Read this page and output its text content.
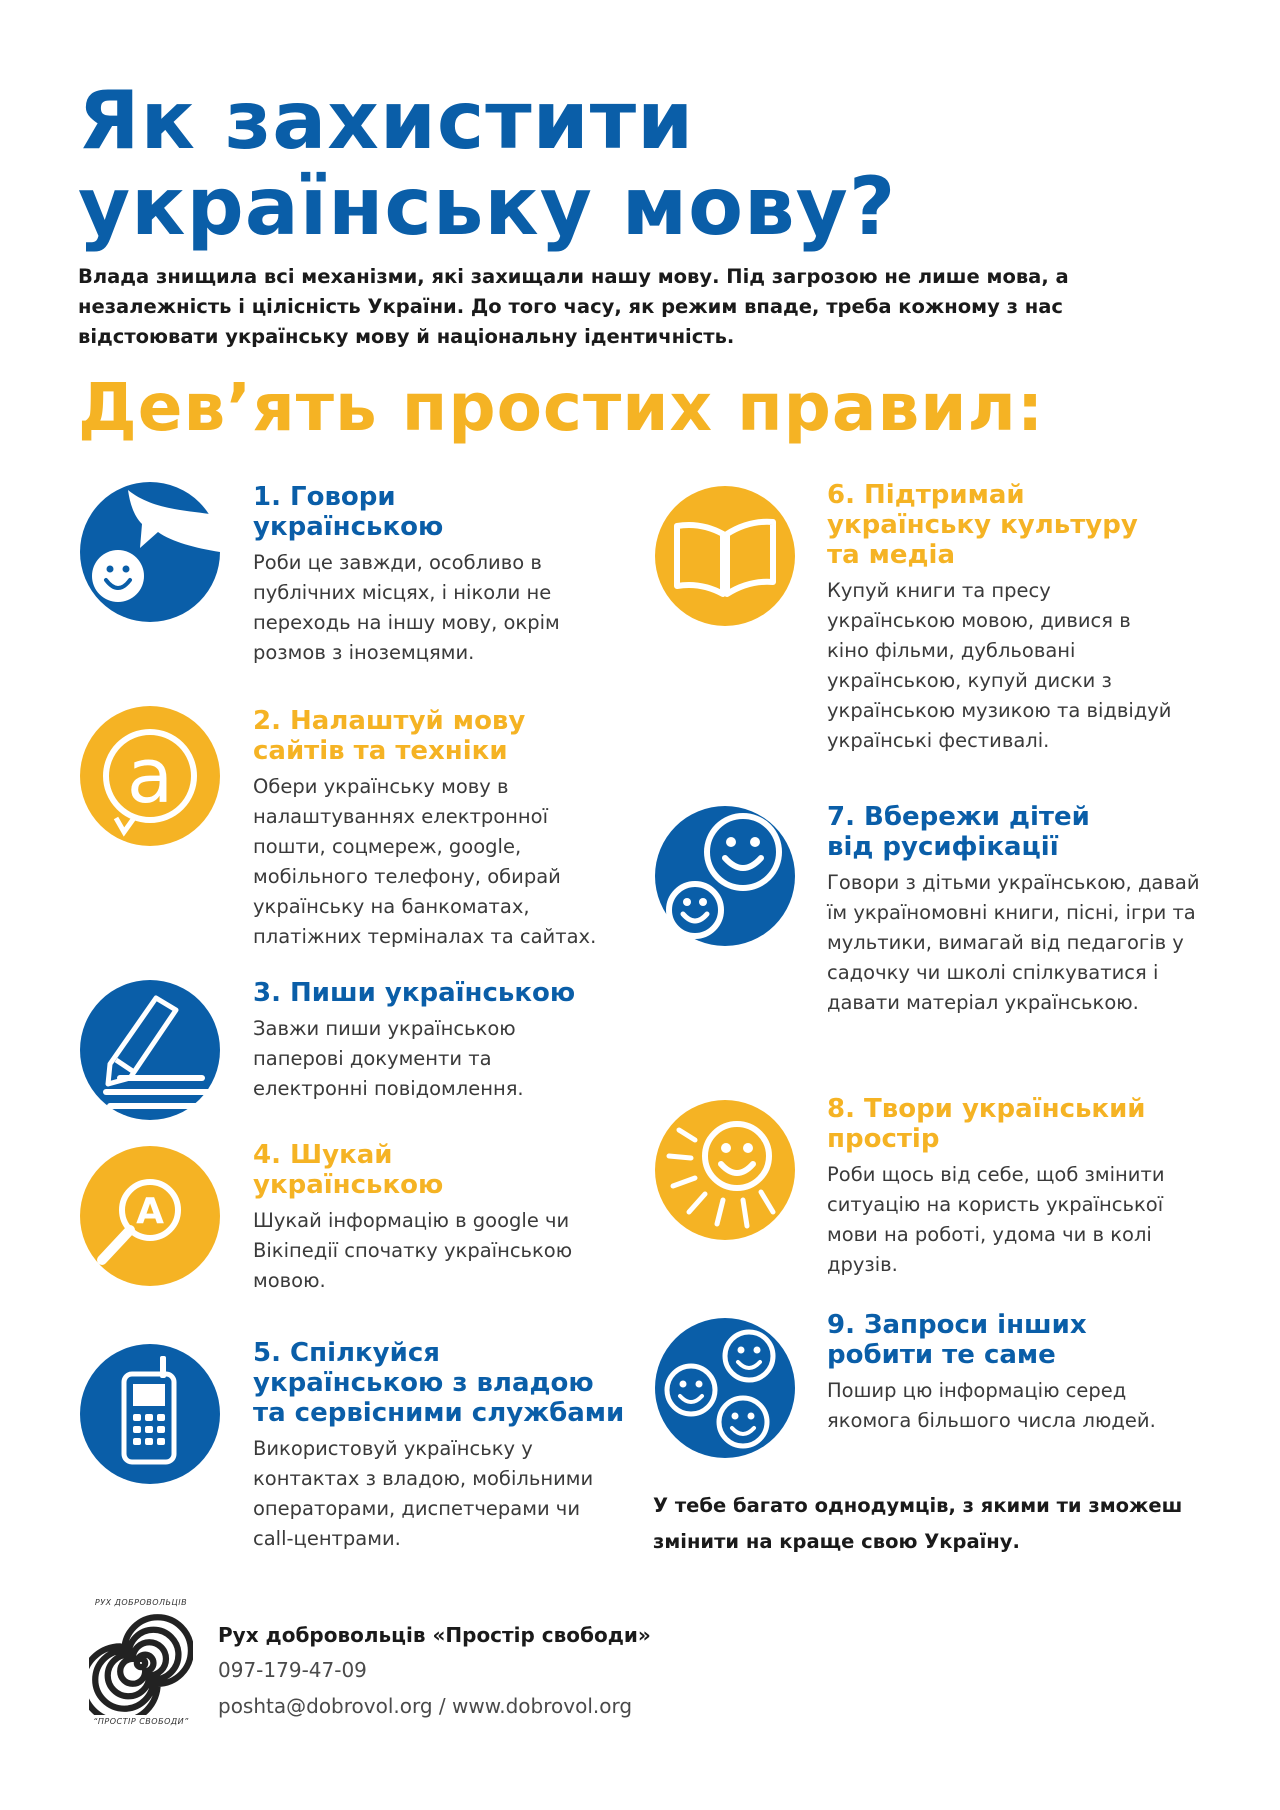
Як захистити
українську мову?

Влада знищила всі механізми, які захищали нашу мову. Під загрозою не лише мова, а незалежність і цілісність України. До того часу, як режим впаде, треба кожному з нас відстоювати українську мову й національну ідентичність.

Дев’ять простих правил:
1. Говори українською

Роби це завжди, особливо в публічних місцях, і ніколи не переходь на іншу мову, окрім розмов з іноземцями.

a
2. Налаштуй мову сайтів та техніки

Обери українську мову в налаштуваннях електронної пошти, соцмереж, google, мобільного телефону, обирай українську на банкоматах, платіжних терміналах та сайтах.

3. Пиши українською

Завжи пиши українською паперові документи та електронні повідомлення.

A
4. Шукай українською

Шукай інформацію в google чи Вікіпедії спочатку українською мовою.

5. Спілкуйся українською з владою та сервісними службами

Використовуй українську у контактах з владою, мобільними операторами, диспетчерами чи call-центрами.

6. Підтримай українську культуру та медіа

Купуй книги та пресу українською мовою, дивися в кіно фільми, дубльовані українською, купуй диски з українською музикою та відвідуй українські фестивалі.

7. Вбережи дітей від русифікації

Говори з дітьми українською, давай їм україномовні книги, пісні, ігри та мультики, вимагай від педагогів у садочку чи школі спілкуватися і давати матеріал українською.

8. Твори український простір

Роби щось від себе, щоб змінити ситуацію на користь української мови на роботі, удома чи в колі друзів.

9. Запроси інших робити те саме

Пошир цю інформацію серед якомога більшого числа людей.

У тебе багато однодумців, з якими ти зможеш змінити на краще свою Україну.

РУХ ДОБРОВОЛЬЦІВ
“ПРОСТІР СВОБОДИ”

Рух добровольців «Простір свободи»

097-179-47-09

poshta@dobrovol.org / www.dobrovol.org
